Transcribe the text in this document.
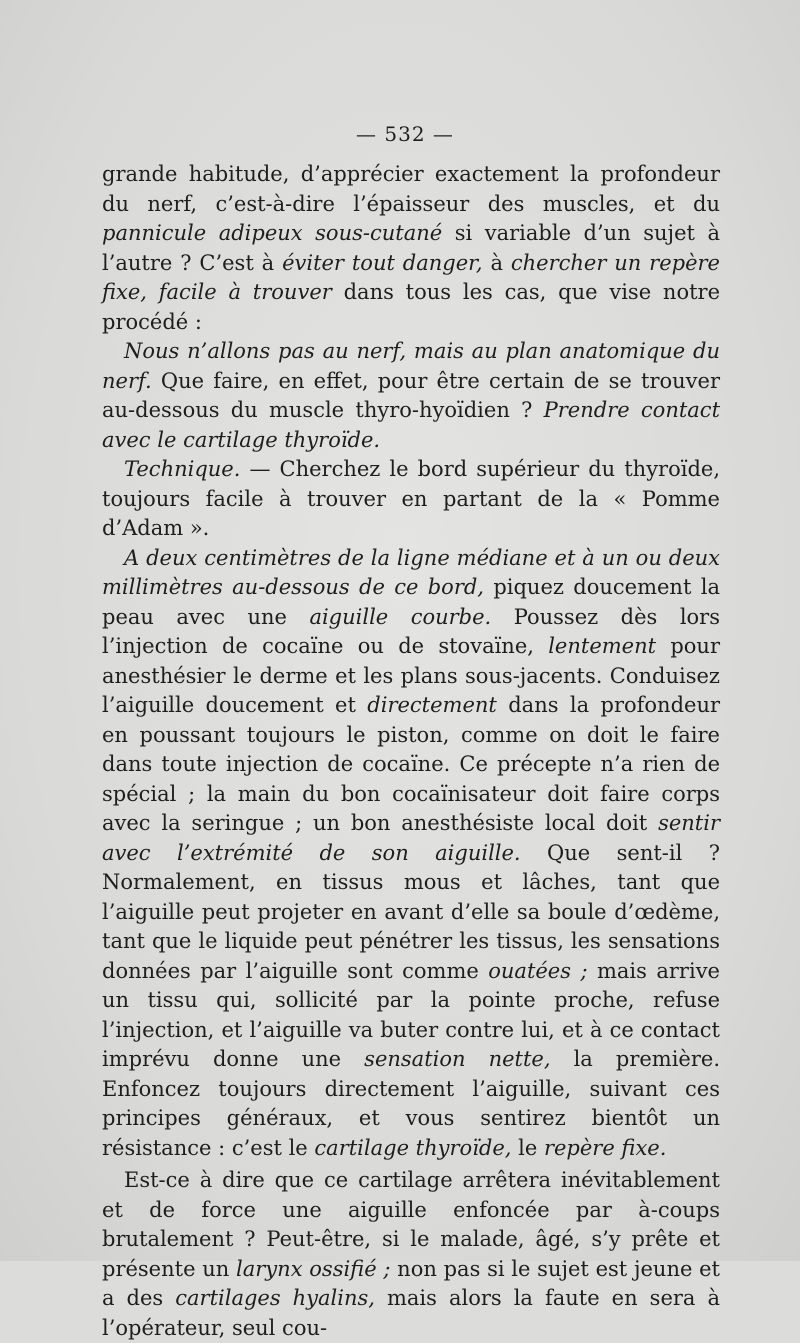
— 532 —

grande habitude, d’apprécier exactement la profondeur du nerf, c’est-à-dire l’épaisseur des muscles, et du pannicule adipeux sous-cutané si variable d’un sujet à l’autre ? C’est à éviter tout danger, à chercher un repère fixe, facile à trouver dans tous les cas, que vise notre procédé :

Nous n’allons pas au nerf, mais au plan anatomique du nerf. Que faire, en effet, pour être certain de se trouver au-dessous du muscle thyro-hyoïdien ? Prendre contact avec le cartilage thyroïde.

Technique. — Cherchez le bord supérieur du thyroïde, toujours facile à trouver en partant de la « Pomme d’Adam ».

A deux centimètres de la ligne médiane et à un ou deux millimètres au-dessous de ce bord, piquez doucement la peau avec une aiguille courbe. Poussez dès lors l’injection de cocaïne ou de stovaïne, lentement pour anesthésier le derme et les plans sous-jacents. Conduisez l’aiguille doucement et directement dans la profondeur en poussant toujours le piston, comme on doit le faire dans toute injection de cocaïne. Ce précepte n’a rien de spécial ; la main du bon cocaïnisateur doit faire corps avec la seringue ; un bon anesthésiste local doit sentir avec l’extrémité de son aiguille. Que sent-il ? Normalement, en tissus mous et lâches, tant que l’aiguille peut projeter en avant d’elle sa boule d’œdème, tant que le liquide peut pénétrer les tissus, les sensations données par l’aiguille sont comme ouatées ; mais arrive un tissu qui, sollicité par la pointe proche, refuse l’injection, et l’aiguille va buter contre lui, et à ce contact imprévu donne une sensation nette, la première. Enfoncez toujours directement l’aiguille, suivant ces principes généraux, et vous sentirez bientôt un résistance : c’est le cartilage thyroïde, le repère fixe.

Est-ce à dire que ce cartilage arrêtera inévitablement et de force une aiguille enfoncée par à-coups brutalement ? Peut-être, si le malade, âgé, s’y prête et présente un larynx ossifié ; non pas si le sujet est jeune et a des cartilages hyalins, mais alors la faute en sera à l’opérateur, seul cou-
